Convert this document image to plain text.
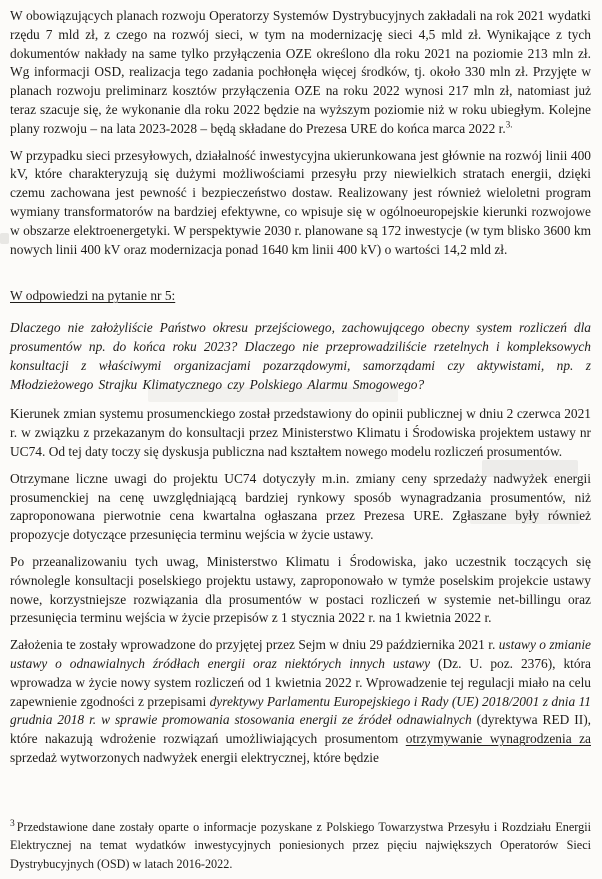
W obowiązujących planach rozwoju Operatorzy Systemów Dystrybucyjnych zakładali na rok 2021 wydatki rzędu 7 mld zł, z czego na rozwój sieci, w tym na modernizację sieci 4,5 mld zł. Wynikające z tych dokumentów nakłady na same tylko przyłączenia OZE określono dla roku 2021 na poziomie 213 mln zł. Wg informacji OSD, realizacja tego zadania pochłonęła więcej środków, tj. około 330 mln zł. Przyjęte w planach rozwoju preliminarz kosztów przyłączenia OZE na roku 2022 wynosi 217 mln zł, natomiast już teraz szacuje się, że wykonanie dla roku 2022 będzie na wyższym poziomie niż w roku ubiegłym. Kolejne plany rozwoju – na lata 2023-2028 – będą składane do Prezesa URE do końca marca 2022 r.$^{3.}$

W przypadku sieci przesyłowych, działalność inwestycyjna ukierunkowana jest głównie na rozwój linii 400 kV, które charakteryzują się dużymi możliwościami przesyłu przy niewielkich stratach energii, dzięki czemu zachowana jest pewność i bezpieczeństwo dostaw. Realizowany jest również wieloletni program wymiany transformatorów na bardziej efektywne, co wpisuje się w ogólnoeuropejskie kierunki rozwojowe w obszarze elektroenergetyki. W perspektywie 2030 r. planowane są 172 inwestycje (w tym blisko 3600 km nowych linii 400 kV oraz modernizacja ponad 1640 km linii 400 kV) o wartości 14,2 mld zł.

W odpowiedzi na pytanie nr 5:

Dlaczego nie założyliście Państwo okresu przejściowego, zachowującego obecny system rozliczeń dla prosumentów np. do końca roku 2023? Dlaczego nie przeprowadziliście rzetelnych i kompleksowych konsultacji z właściwymi organizacjami pozarządowymi, samorządami czy aktywistami, np. z Młodzieżowego Strajku Klimatycznego czy Polskiego Alarmu Smogowego?

Kierunek zmian systemu prosumenckiego został przedstawiony do opinii publicznej w dniu 2 czerwca 2021 r. w związku z przekazanym do konsultacji przez Ministerstwo Klimatu i Środowiska projektem ustawy nr UC74. Od tej daty toczy się dyskusja publiczna nad kształtem nowego modelu rozliczeń prosumentów.

Otrzymane liczne uwagi do projektu UC74 dotyczyły m.in. zmiany ceny sprzedaży nadwyżek energii prosumenckiej na cenę uwzględniającą bardziej rynkowy sposób wynagradzania prosumentów, niż zaproponowana pierwotnie cena kwartalna ogłaszana przez Prezesa URE. Zgłaszane były również propozycje dotyczące przesunięcia terminu wejścia w życie ustawy.

Po przeanalizowaniu tych uwag, Ministerstwo Klimatu i Środowiska, jako uczestnik toczących się równolegle konsultacji poselskiego projektu ustawy, zaproponowało w tymże poselskim projekcie ustawy nowe, korzystniejsze rozwiązania dla prosumentów w postaci rozliczeń w systemie net-billingu oraz przesunięcia terminu wejścia w życie przepisów z 1 stycznia 2022 r. na 1 kwietnia 2022 r.

Założenia te zostały wprowadzone do przyjętej przez Sejm w dniu 29 października 2021 r. ustawy o zmianie ustawy o odnawialnych źródłach energii oraz niektórych innych ustawy (Dz. U. poz. 2376), która wprowadza w życie nowy system rozliczeń od 1 kwietnia 2022 r. Wprowadzenie tej regulacji miało na celu zapewnienie zgodności z przepisami dyrektywy Parlamentu Europejskiego i Rady (UE) 2018/2001 z dnia 11 grudnia 2018 r. w sprawie promowania stosowania energii ze źródeł odnawialnych (dyrektywa RED II), które nakazują wdrożenie rozwiązań umożliwiających prosumentom otrzymywanie wynagrodzenia za sprzedaż wytworzonych nadwyżek energii elektrycznej, które będzie

$^3$ Przedstawione dane zostały oparte o informacje pozyskane z Polskiego Towarzystwa Przesyłu i Rozdziału Energii Elektrycznej na temat wydatków inwestycyjnych poniesionych przez pięciu największych Operatorów Sieci Dystrybucyjnych (OSD) w latach 2016-2022.
